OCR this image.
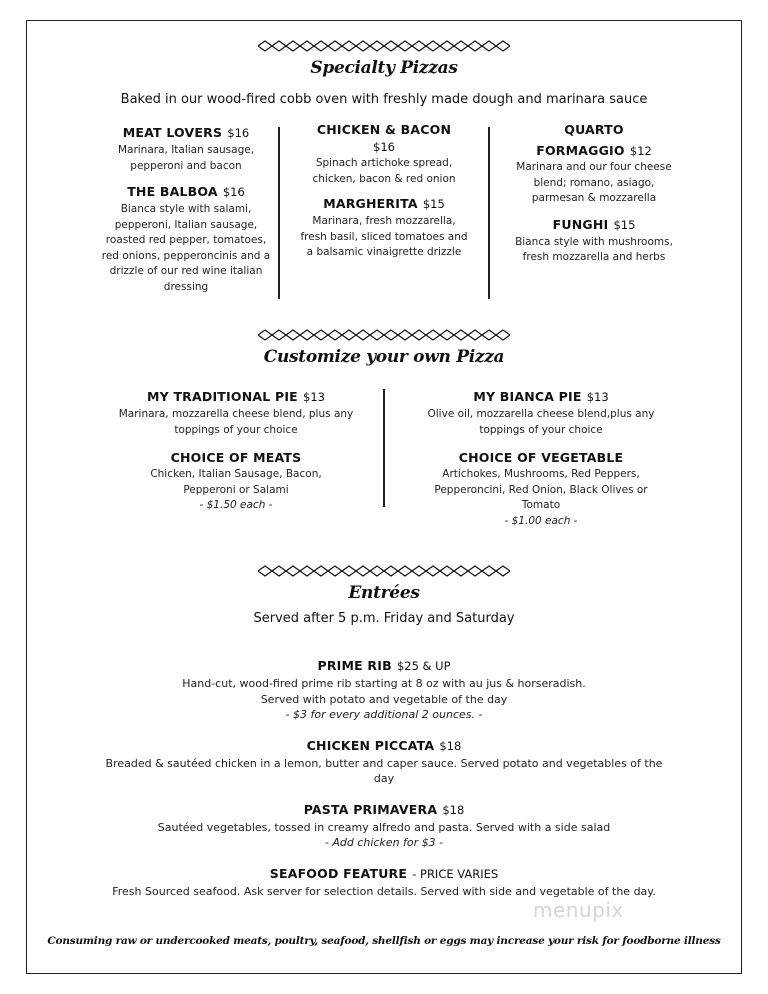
Specialty Pizzas
Baked in our wood-fired cobb oven with freshly made dough and marinara sauce
MEAT LOVERS $16
Marinara, Italian sausage, pepperoni and bacon
THE BALBOA $16
Bianca style with salami, pepperoni, Italian sausage, roasted red pepper, tomatoes, red onions, pepperoncinis and a drizzle of our red wine italian dressing
CHICKEN & BACON
$16
Spinach artichoke spread, chicken, bacon & red onion
MARGHERITA $15
Marinara, fresh mozzarella, fresh basil, sliced tomatoes and a balsamic vinaigrette drizzle
QUARTO
FORMAGGIO $12
Marinara and our four cheese blend; romano, asiago, parmesan & mozzarella
FUNGHI $15
Bianca style with mushrooms, fresh mozzarella and herbs
Customize your own Pizza
MY TRADITIONAL PIE $13
Marinara, mozzarella cheese blend, plus any toppings of your choice
CHOICE OF MEATS
Chicken, Italian Sausage, Bacon, Pepperoni or Salami
- $1.50 each -
MY BIANCA PIE $13
Olive oil, mozzarella cheese blend,plus any toppings of your choice
CHOICE OF VEGETABLE
Artichokes, Mushrooms, Red Peppers, Pepperoncini, Red Onion, Black Olives or Tomato
- $1.00 each -
Entrées
Served after 5 p.m. Friday and Saturday
PRIME RIB $25 & UP
Hand-cut, wood-fired prime rib starting at 8 oz with au jus & horseradish. Served with potato and vegetable of the day
- $3 for every additional 2 ounces. -
CHICKEN PICCATA $18
Breaded & sautéed chicken in a lemon, butter and caper sauce. Served potato and vegetables of the day
PASTA PRIMAVERA $18
Sautéed vegetables, tossed in creamy alfredo and pasta. Served with a side salad
- Add chicken for $3 -
SEAFOOD FEATURE - PRICE VARIES
Fresh Sourced seafood. Ask server for selection details. Served with side and vegetable of the day.
menupix
Consuming raw or undercooked meats, poultry, seafood, shellfish or eggs may increase your risk for foodborne illness
